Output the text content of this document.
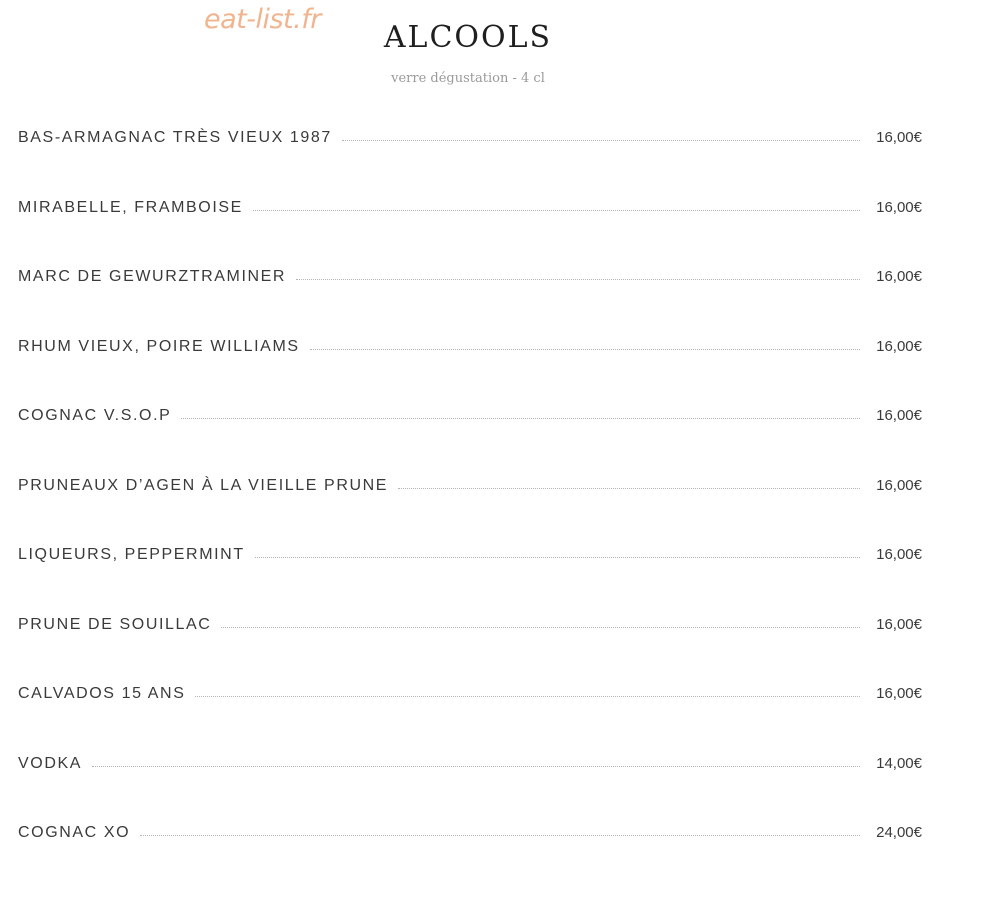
eat-list.fr
ALCOOLS
verre dégustation - 4 cl
BAS-ARMAGNAC TRÈS VIEUX 1987	16,00€
MIRABELLE, FRAMBOISE	16,00€
MARC DE GEWURZTRAMINER	16,00€
RHUM VIEUX, POIRE WILLIAMS	16,00€
COGNAC V.S.O.P	16,00€
PRUNEAUX D’AGEN À LA VIEILLE PRUNE	16,00€
LIQUEURS, PEPPERMINT	16,00€
PRUNE DE SOUILLAC	16,00€
CALVADOS 15 ANS	16,00€
VODKA	14,00€
COGNAC XO	24,00€
